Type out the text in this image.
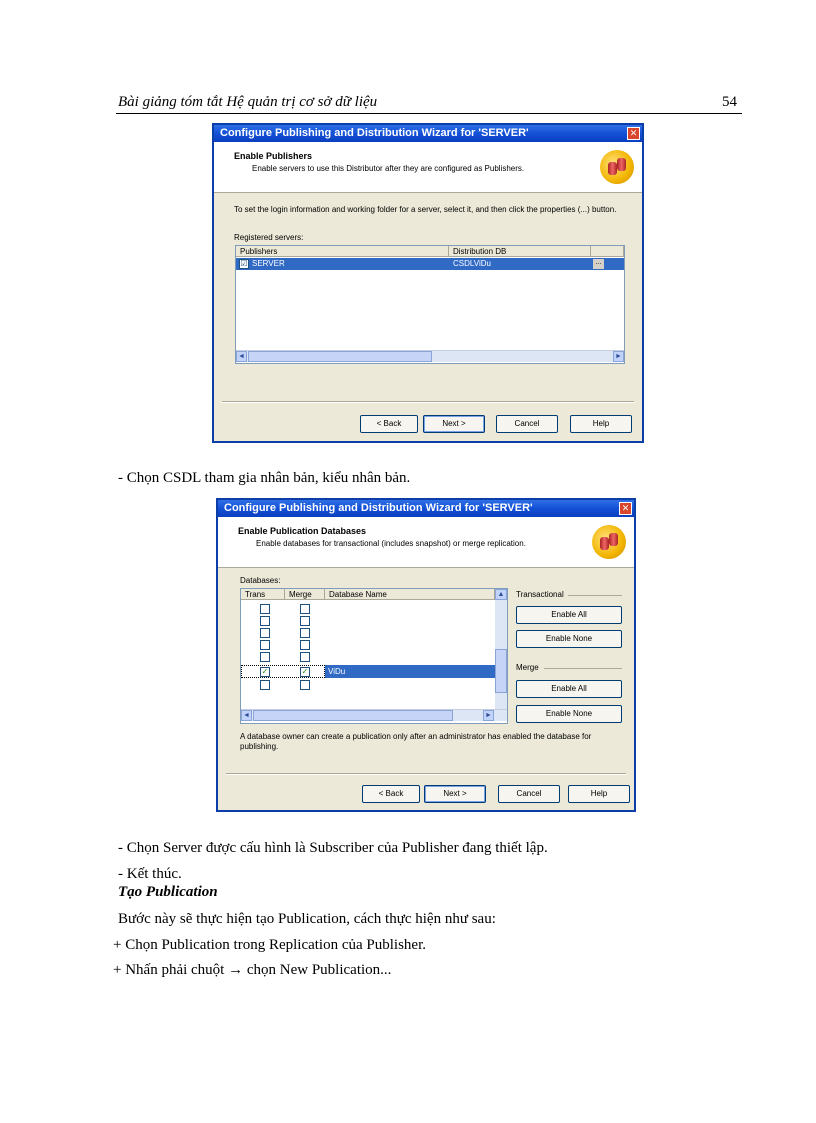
Bài giảng tóm tắt Hệ quản trị cơ sở dữ liệu	54
Configure Publishing and Distribution Wizard for 'SERVER'	✕
Enable Publishers
Enable servers to use this Distributor after they are configured as Publishers.
To set the login information and working folder for a server, select it, and then click the properties (...) button.
Registered servers:
Publishers	Distribution DB
☑ SERVER	CSDLViDu	...
◄	►
< Back	Next >	Cancel	Help
- Chọn CSDL tham gia nhân bản, kiểu nhân bản.
Configure Publishing and Distribution Wizard for 'SERVER'	✕
Enable Publication Databases
Enable databases for transactional (includes snapshot) or merge replication.
Databases:
Trans	Merge	Database Name
✓	✓ ViDu
▲
◄	►
Transactional
Enable All
Enable None
Merge
Enable All
Enable None
A database owner can create a publication only after an administrator has enabled the database for publishing.
< Back	Next >	Cancel	Help
- Chọn Server được cấu hình là Subscriber của Publisher đang thiết lập.
- Kết thúc.
Tạo Publication
Bước này sẽ thực hiện tạo Publication, cách thực hiện như sau:
+ Chọn Publication trong Replication của Publisher.
+ Nhấn phải chuột → chọn New Publication...
